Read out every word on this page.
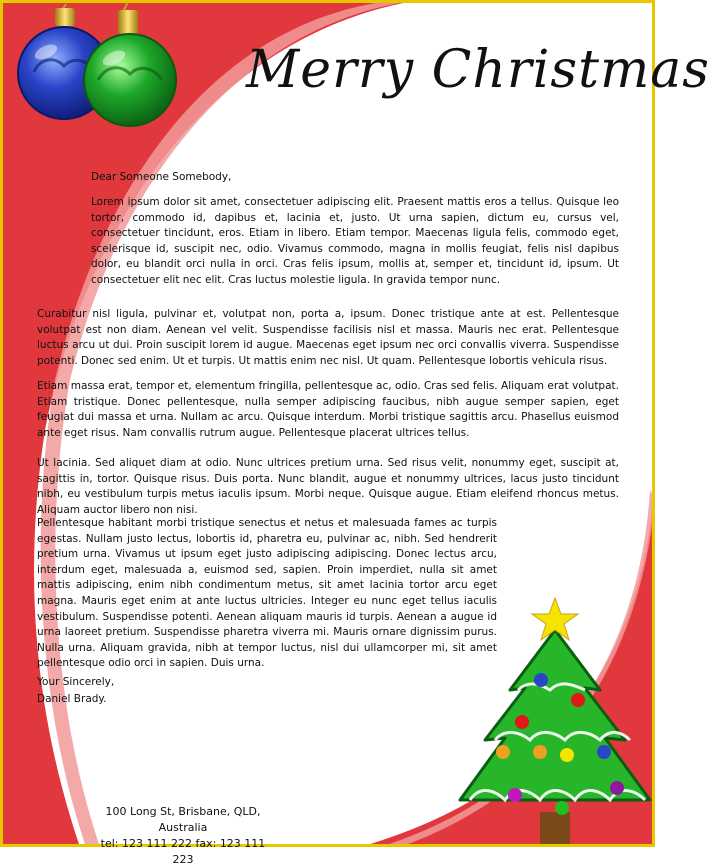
Merry Christmas

Dear Someone Somebody,

Lorem ipsum dolor sit amet, consectetuer adipiscing elit. Praesent mattis eros a tellus. Quisque leo tortor, commodo id, dapibus et, lacinia et, justo. Ut urna sapien, dictum eu, cursus vel, consectetuer tincidunt, eros. Etiam in libero. Etiam tempor. Maecenas ligula felis, commodo eget, scelerisque id, suscipit nec, odio. Vivamus commodo, magna in mollis feugiat, felis nisl dapibus dolor, eu blandit orci nulla in orci. Cras felis ipsum, mollis at, semper et, tincidunt id, ipsum. Ut consectetuer elit nec elit. Cras luctus molestie ligula. In gravida tempor nunc.

Curabitur nisl ligula, pulvinar et, volutpat non, porta a, ipsum. Donec tristique ante at est. Pellentesque volutpat est non diam. Aenean vel velit. Suspendisse facilisis nisl et massa. Mauris nec erat. Pellentesque luctus arcu ut dui. Proin suscipit lorem id augue. Maecenas eget ipsum nec orci convallis viverra. Suspendisse potenti. Donec sed enim. Ut et turpis. Ut mattis enim nec nisl. Ut quam. Pellentesque lobortis vehicula risus.

Etiam massa erat, tempor et, elementum fringilla, pellentesque ac, odio. Cras sed felis. Aliquam erat volutpat. Etiam tristique. Donec pellentesque, nulla semper adipiscing faucibus, nibh augue semper sapien, eget feugiat dui massa et urna. Nullam ac arcu. Quisque interdum. Morbi tristique sagittis arcu. Phasellus euismod ante eget risus. Nam convallis rutrum augue. Pellentesque placerat ultrices tellus.

Ut lacinia. Sed aliquet diam at odio. Nunc ultrices pretium urna. Sed risus velit, nonummy eget, suscipit at, sagittis in, tortor. Quisque risus. Duis porta. Nunc blandit, augue et nonummy ultrices, lacus justo tincidunt nibh, eu vestibulum turpis metus iaculis ipsum. Morbi neque. Quisque augue. Etiam eleifend rhoncus metus. Aliquam auctor libero non nisi.

Pellentesque habitant morbi tristique senectus et netus et malesuada fames ac turpis egestas. Nullam justo lectus, lobortis id, pharetra eu, pulvinar ac, nibh. Sed hendrerit pretium urna. Vivamus ut ipsum eget justo adipiscing adipiscing. Donec lectus arcu, interdum eget, malesuada a, euismod sed, sapien. Proin imperdiet, nulla sit amet mattis adipiscing, enim nibh condimentum metus, sit amet lacinia tortor arcu eget magna. Mauris eget enim at ante luctus ultricies. Integer eu nunc eget tellus iaculis vestibulum. Suspendisse potenti. Aenean aliquam mauris id turpis. Aenean a augue id urna laoreet pretium. Suspendisse pharetra viverra mi. Mauris ornare dignissim purus. Nulla urna. Aliquam gravida, nibh at tempor luctus, nisl dui ullamcorper mi, sit amet pellentesque odio orci in sapien. Duis urna.

Your Sincerely,

Daniel Brady.

100 Long St, Brisbane, QLD, Australia
tel: 123 111 222 fax: 123 111 223
